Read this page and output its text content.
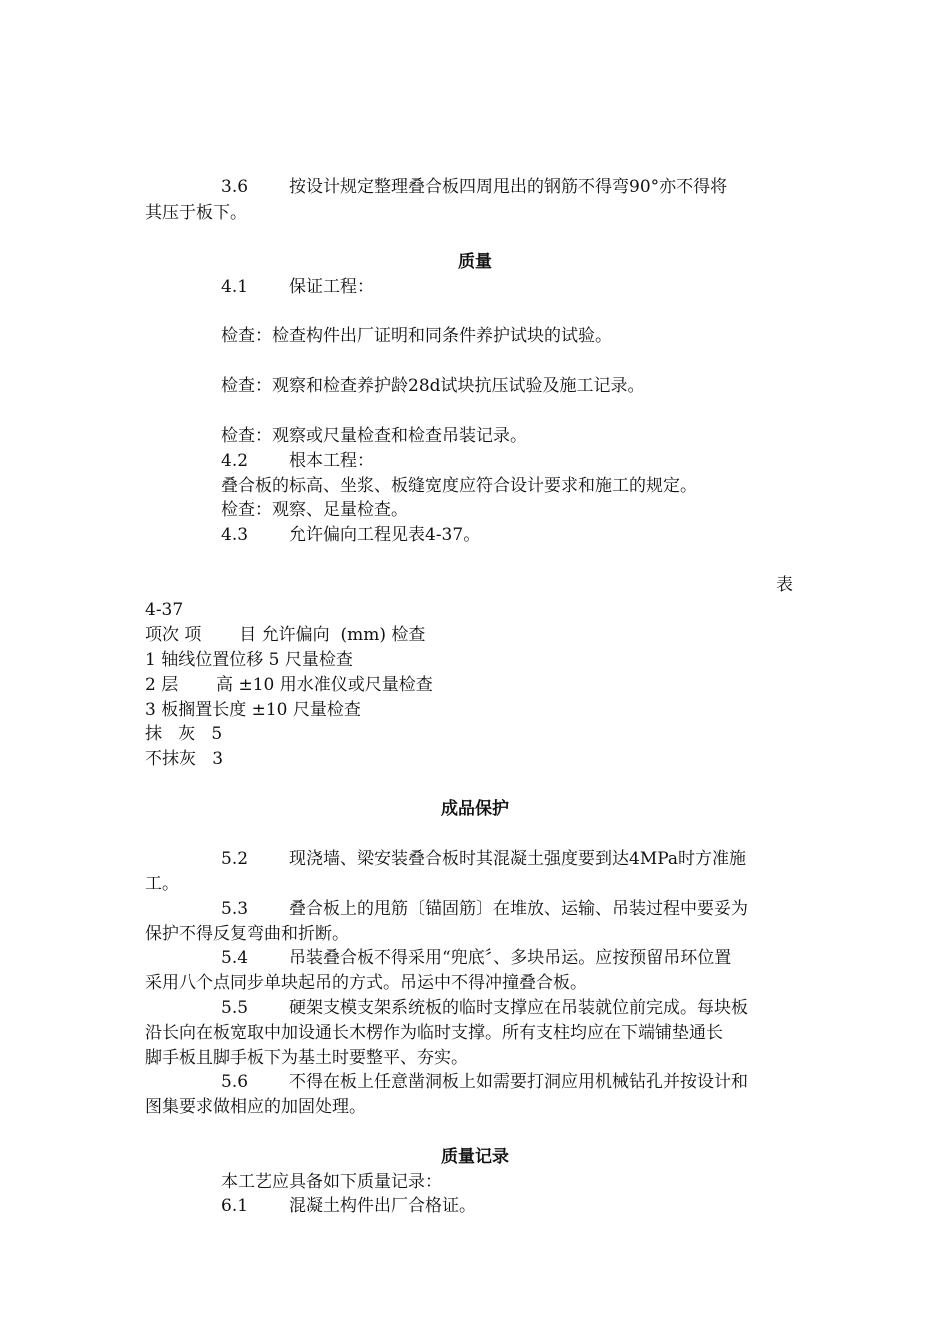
3.6 按设计规定整理叠合板四周甩出的钢筋不得弯90°亦不得将
其压于板下。
质量
4.1 保证工程：
检查：检查构件出厂证明和同条件养护试块的试验。
检查：观察和检查养护龄28d试块抗压试验及施工记录。
检查：观察或尺量检查和检查吊装记录。
4.2 根本工程：
叠合板的标高、坐浆、板缝宽度应符合设计要求和施工的规定。
检查：观察、足量检查。
4.3 允许偏向工程见表4-37。
表
4-37
项次 项       目 允许偏向  (mm) 检查
1 轴线位置位移 5 尺量检查
2 层       高 ±10 用水准仪或尺量检查
3 板搁置长度 ±10 尺量检查
抹   灰   5
不抹灰   3
成品保护
5.2 现浇墙、梁安装叠合板时其混凝土强度要到达4MPa时方准施
工。
5.3 叠合板上的甩筋〔锚固筋〕在堆放、运输、吊装过程中要妥为
保护不得反复弯曲和折断。
5.4 吊装叠合板不得采用“兜底〞、多块吊运。应按预留吊环位置
采用八个点同步单块起吊的方式。吊运中不得冲撞叠合板。
5.5 硬架支模支架系统板的临时支撑应在吊装就位前完成。每块板
沿长向在板宽取中加设通长木楞作为临时支撑。所有支柱均应在下端铺垫通长
脚手板且脚手板下为基土时要整平、夯实。
5.6 不得在板上任意凿洞板上如需要打洞应用机械钻孔并按设计和
图集要求做相应的加固处理。
质量记录
本工艺应具备如下质量记录：
6.1 混凝土构件出厂合格证。
